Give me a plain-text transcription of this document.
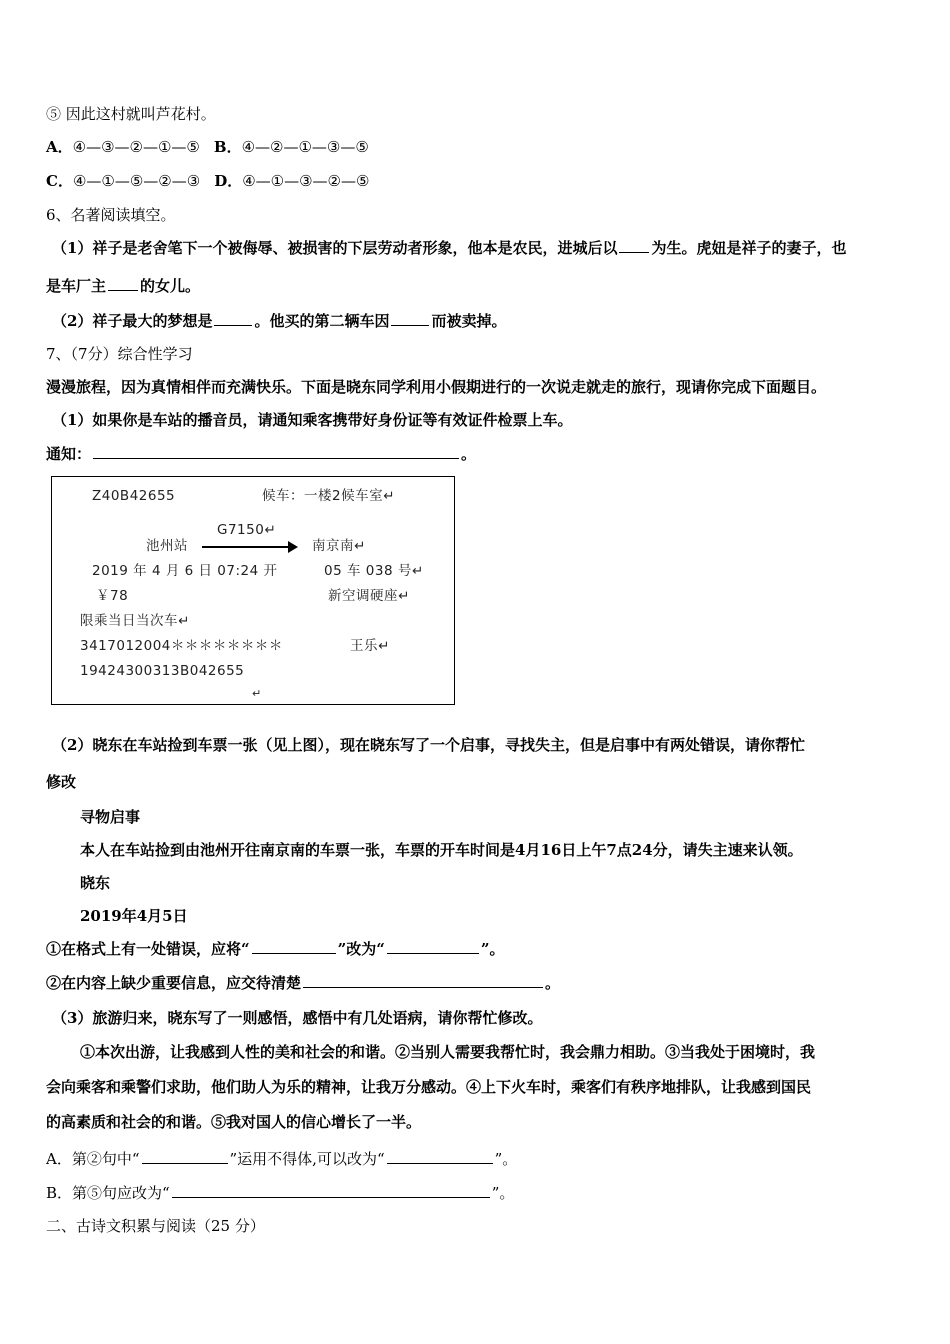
⑤ 因此这村就叫芦花村。
A．④—③—②—①—⑤ B．④—②—①—③—⑤
C．④—①—⑤—②—③ D．④—①—③—②—⑤
6、名著阅读填空。
（1）祥子是老舍笔下一个被侮辱、被损害的下层劳动者形象，他本是农民，进城后以 为生。虎妞是祥子的妻子，也
是车厂主 的女儿。
（2）祥子最大的梦想是	。他买的第二辆车因	而被卖掉。
7、（7分）综合性学习
漫漫旅程，因为真情相伴而充满快乐。下面是晓东同学利用小假期进行的一次说走就走的旅行，现请你完成下面题目。
（1）如果你是车站的播音员，请通知乘客携带好身份证等有效证件检票上车。
通知：	。
Z40B42655	候车：一楼2候车室↵
G7150↵
池州站	南京南↵
2019 年 4 月 6 日 07:24 开	05 车 038 号↵
￥78	新空调硬座↵
限乘当日当次车↵
3417012004＊＊＊＊＊＊＊＊	王乐↵
19424300313B042655
↵
（2）晓东在车站捡到车票一张（见上图），现在晓东写了一个启事，寻找失主，但是启事中有两处错误，请你帮忙
修改
寻物启事
本人在车站捡到由池州开往南京南的车票一张，车票的开车时间是4月16日上午7点24分，请失主速来认领。
晓东
2019年4月5日
①在格式上有一处错误，应将“	”改为“	”。
②在内容上缺少重要信息，应交待清楚	。
（3）旅游归来，晓东写了一则感悟，感悟中有几处语病，请你帮忙修改。
①本次出游，让我感到人性的美和社会的和谐。②当别人需要我帮忙时，我会鼎力相助。③当我处于困境时，我
会向乘客和乘警们求助，他们助人为乐的精神，让我万分感动。④上下火车时，乘客们有秩序地排队，让我感到国民
的高素质和社会的和谐。⑤我对国人的信心增长了一半。
A．第②句中“	”运用不得体,可以改为“	”。
B．第⑤句应改为“	”。
二、古诗文积累与阅读（25 分）
